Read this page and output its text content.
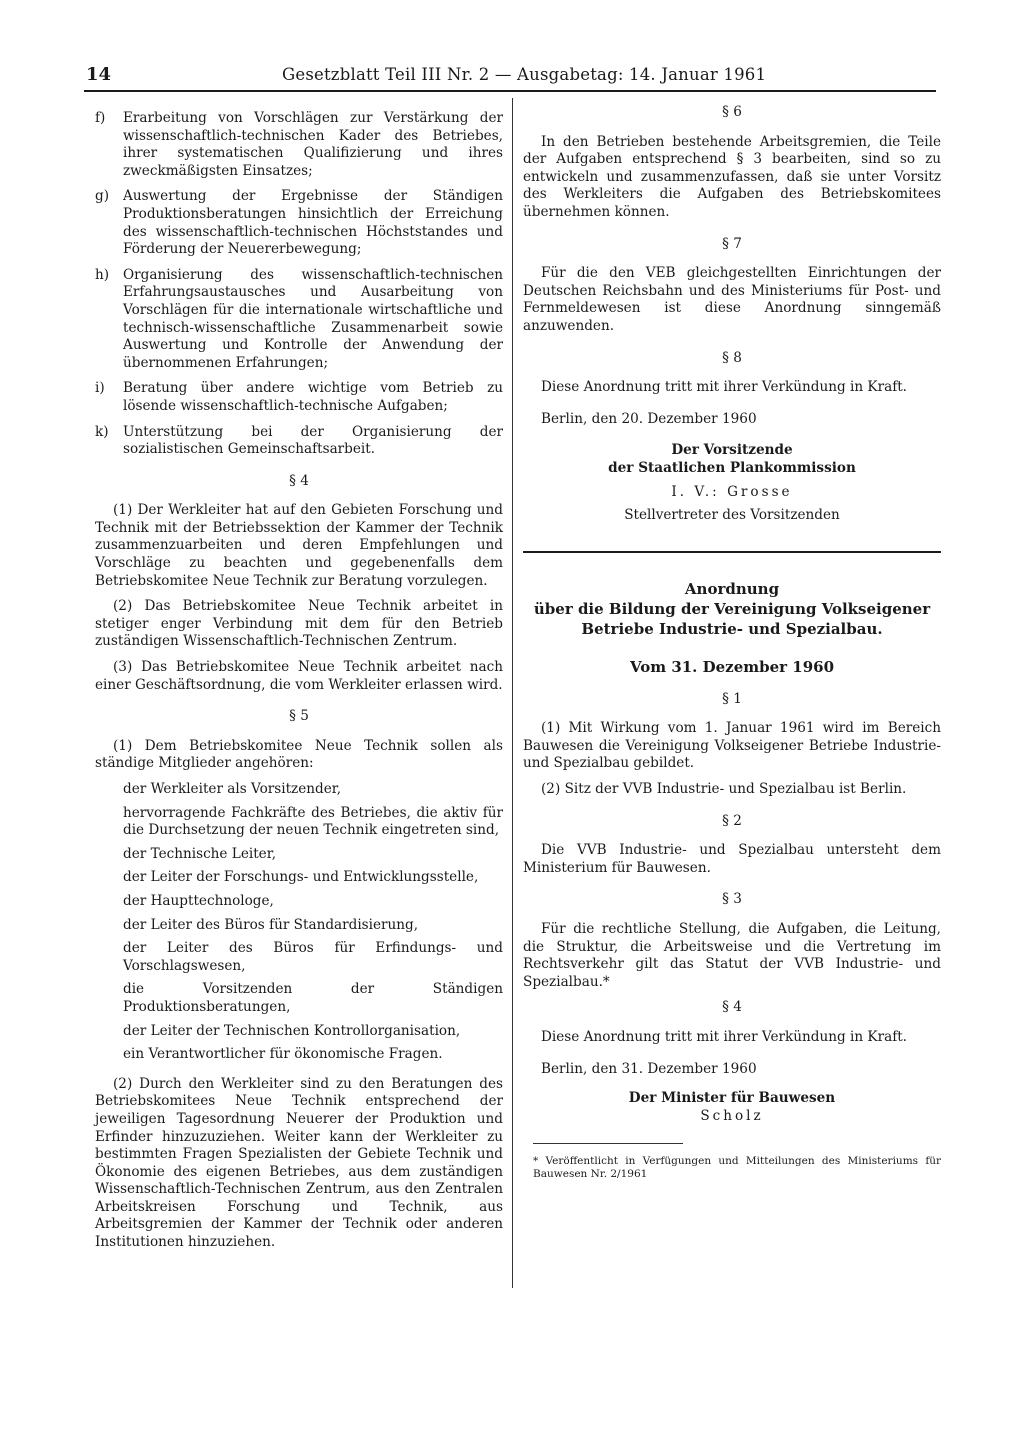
14	Gesetzblatt Teil III Nr. 2 — Ausgabetag: 14. Januar 1961
f) Erarbeitung von Vorschlägen zur Verstärkung der wissenschaftlich-technischen Kader des Betriebes, ihrer systematischen Qualifizierung und ihres zweckmäßigsten Einsatzes;
g) Auswertung der Ergebnisse der Ständigen Produktionsberatungen hinsichtlich der Erreichung des wissenschaftlich-technischen Höchststandes und Förderung der Neuererbewegung;
h) Organisierung des wissenschaftlich-technischen Erfahrungsaustausches und Ausarbeitung von Vorschlägen für die internationale wirtschaftliche und technisch-wissenschaftliche Zusammenarbeit sowie Auswertung und Kontrolle der Anwendung der übernommenen Erfahrungen;
i) Beratung über andere wichtige vom Betrieb zu lösende wissenschaftlich-technische Aufgaben;
k) Unterstützung bei der Organisierung der sozialistischen Gemeinschaftsarbeit.
§ 4

(1) Der Werkleiter hat auf den Gebieten Forschung und Technik mit der Betriebssektion der Kammer der Technik zusammenzuarbeiten und deren Empfehlungen und Vorschläge zu beachten und gegebenenfalls dem Betriebskomitee Neue Technik zur Beratung vorzulegen.

(2) Das Betriebskomitee Neue Technik arbeitet in stetiger enger Verbindung mit dem für den Betrieb zuständigen Wissenschaftlich-Technischen Zentrum.

(3) Das Betriebskomitee Neue Technik arbeitet nach einer Geschäftsordnung, die vom Werkleiter erlassen wird.

§ 5

(1) Dem Betriebskomitee Neue Technik sollen als ständige Mitglieder angehören:

der Werkleiter als Vorsitzender,
hervorragende Fachkräfte des Betriebes, die aktiv für die Durchsetzung der neuen Technik eingetreten sind,
der Technische Leiter,
der Leiter der Forschungs- und Entwicklungsstelle,
der Haupttechnologe,
der Leiter des Büros für Standardisierung,
der Leiter des Büros für Erfindungs- und Vorschlagswesen,
die Vorsitzenden der Ständigen Produktionsberatungen,
der Leiter der Technischen Kontrollorganisation,
ein Verantwortlicher für ökonomische Fragen.

(2) Durch den Werkleiter sind zu den Beratungen des Betriebskomitees Neue Technik entsprechend der jeweiligen Tagesordnung Neuerer der Produktion und Erfinder hinzuzuziehen. Weiter kann der Werkleiter zu bestimmten Fragen Spezialisten der Gebiete Technik und Ökonomie des eigenen Betriebes, aus dem zuständigen Wissenschaftlich-Technischen Zentrum, aus den Zentralen Arbeitskreisen Forschung und Technik, aus Arbeitsgremien der Kammer der Technik oder anderen Institutionen hinzuziehen.

§ 6

In den Betrieben bestehende Arbeitsgremien, die Teile der Aufgaben entsprechend § 3 bearbeiten, sind so zu entwickeln und zusammenzufassen, daß sie unter Vorsitz des Werkleiters die Aufgaben des Betriebskomitees übernehmen können.

§ 7

Für die den VEB gleichgestellten Einrichtungen der Deutschen Reichsbahn und des Ministeriums für Post- und Fernmeldewesen ist diese Anordnung sinngemäß anzuwenden.

§ 8

Diese Anordnung tritt mit ihrer Verkündung in Kraft.

Berlin, den 20. Dezember 1960

Der Vorsitzende

der Staatlichen Plankommission

I. V.: Grosse

Stellvertreter des Vorsitzenden

Anordnung

über die Bildung der Vereinigung Volkseigener

Betriebe Industrie- und Spezialbau.

Vom 31. Dezember 1960

§ 1

(1) Mit Wirkung vom 1. Januar 1961 wird im Bereich Bauwesen die Vereinigung Volkseigener Betriebe Industrie- und Spezialbau gebildet.

(2) Sitz der VVB Industrie- und Spezialbau ist Berlin.

§ 2

Die VVB Industrie- und Spezialbau untersteht dem Ministerium für Bauwesen.

§ 3

Für die rechtliche Stellung, die Aufgaben, die Leitung, die Struktur, die Arbeitsweise und die Vertretung im Rechtsverkehr gilt das Statut der VVB Industrie- und Spezialbau.*

§ 4

Diese Anordnung tritt mit ihrer Verkündung in Kraft.

Berlin, den 31. Dezember 1960

Der Minister für Bauwesen

Scholz

* Veröffentlicht in Verfügungen und Mitteilungen des Ministeriums für Bauwesen Nr. 2/1961
